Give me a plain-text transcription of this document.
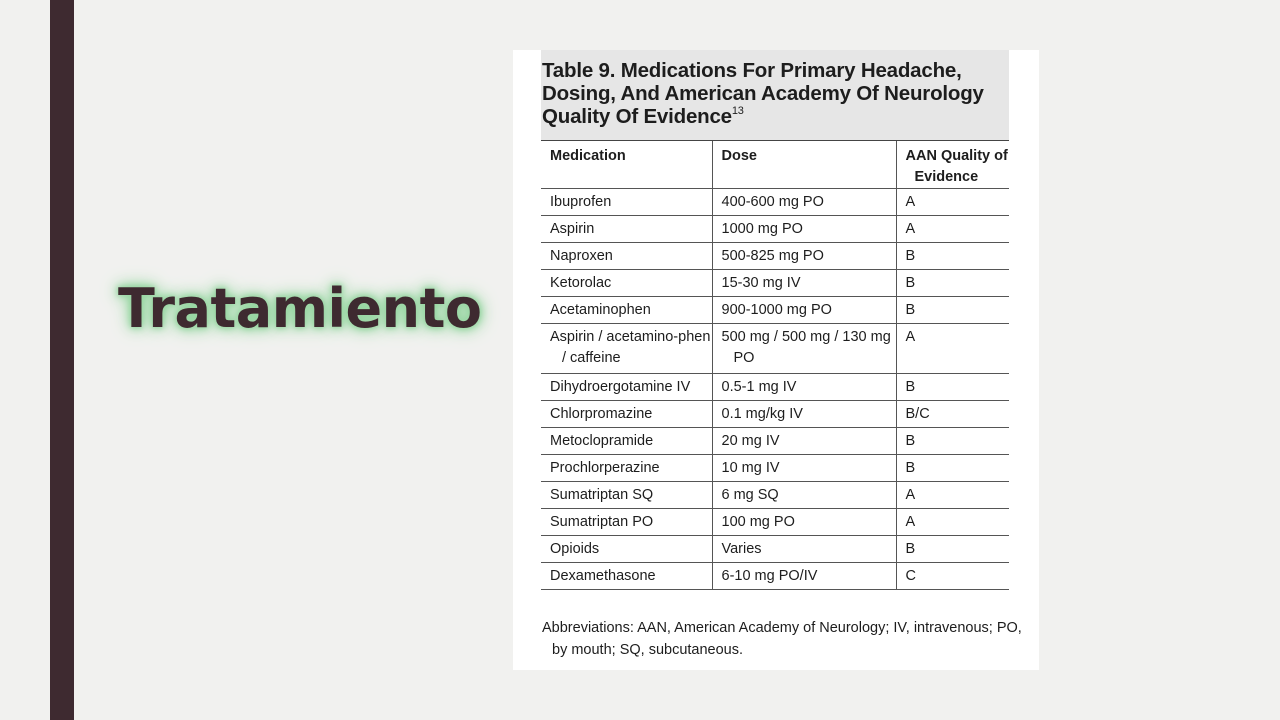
Tratamiento
Table 9. Medications For Primary Headache, Dosing, And American Academy Of Neurology Quality Of Evidence$^{13}$
Medication	Dose	AAN Quality of Evidence

Ibuprofen	400-600 mg PO	A

Aspirin	1000 mg PO	A

Naproxen	500-825 mg PO	B

Ketorolac	15-30 mg IV	B

Acetaminophen	900-1000 mg PO	B

Aspirin / acetamino-phen / caffeine	500 mg / 500 mg / 130 mg PO	A

Dihydroergotamine IV	0.5-1 mg IV	B

Chlorpromazine	0.1 mg/kg IV	B/C

Metoclopramide	20 mg IV	B

Prochlorperazine	10 mg IV	B

Sumatriptan SQ	6 mg SQ	A

Sumatriptan PO	100 mg PO	A

Opioids	Varies	B

Dexamethasone	6-10 mg PO/IV	C
Abbreviations: AAN, American Academy of Neurology; IV, intravenous; PO, by mouth; SQ, subcutaneous.
